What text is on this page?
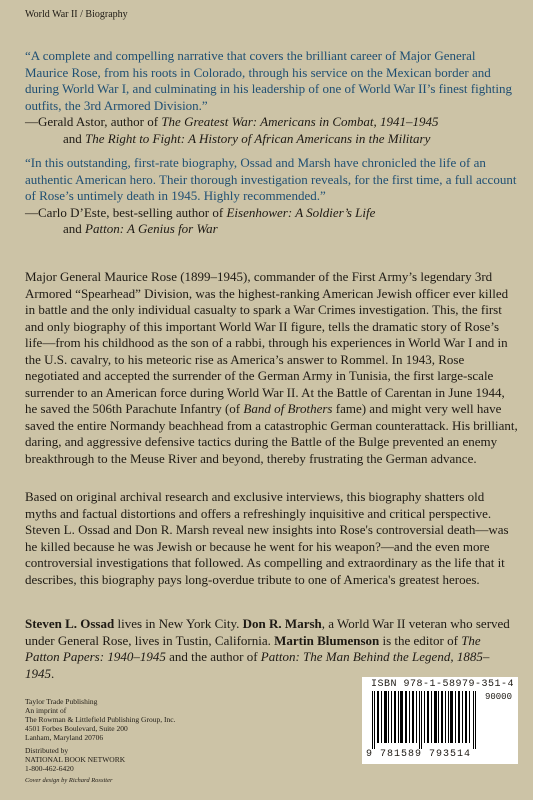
World War II / Biography
“A complete and compelling narrative that covers the brilliant career of Major General Maurice Rose, from his roots in Colorado, through his service on the Mexican border and during World War I, and culminating in his leadership of one of World War II’s finest fighting outfits, the 3rd Armored Division.”
—Gerald Astor, author of The Greatest War: Americans in Combat, 1941–1945
and The Right to Fight: A History of African Americans in the Military
“In this outstanding, first-rate biography, Ossad and Marsh have chronicled the life of an authentic American hero. Their thorough investigation reveals, for the first time, a full account of Rose’s untimely death in 1945. Highly recommended.”
—Carlo D’Este, best-selling author of Eisenhower: A Soldier’s Life
and Patton: A Genius for War
Major General Maurice Rose (1899–1945), commander of the First Army’s legendary 3rd Armored “Spearhead” Division, was the highest-ranking American Jewish officer ever killed in battle and the only individual casualty to spark a War Crimes investigation. This, the first and only biography of this important World War II figure, tells the dramatic story of Rose’s life—from his childhood as the son of a rabbi, through his experiences in World War I and in the U.S. cavalry, to his meteoric rise as America’s answer to Rommel. In 1943, Rose negotiated and accepted the surrender of the German Army in Tunisia, the first large-scale surrender to an American force during World War II. At the Battle of Carentan in June 1944, he saved the 506th Parachute Infantry (of Band of Brothers fame) and might very well have saved the entire Normandy beachhead from a catastrophic German counterattack. His brilliant, daring, and aggressive defensive tactics during the Battle of the Bulge prevented an enemy breakthrough to the Meuse River and beyond, thereby frustrating the German advance.
Based on original archival research and exclusive interviews, this biography shatters old myths and factual distortions and offers a refreshingly inquisitive and critical perspective. Steven L. Ossad and Don R. Marsh reveal new insights into Rose's controversial death—was he killed because he was Jewish or because he went for his weapon?—and the even more controversial investigations that followed. As compelling and extraordinary as the life that it describes, this biography pays long-overdue tribute to one of America's greatest heroes.
Steven L. Ossad lives in New York City. Don R. Marsh, a World War II veteran who served under General Rose, lives in Tustin, California. Martin Blumenson is the editor of The Patton Papers: 1940–1945 and the author of Patton: The Man Behind the Legend, 1885–1945.
Taylor Trade Publishing
An imprint of
The Rowman & Littlefield Publishing Group, Inc.
4501 Forbes Boulevard, Suite 200
Lanham, Maryland 20706
Distributed by
NATIONAL BOOK NETWORK
1-800-462-6420
Cover design by Richard Rossiter
ISBN 978-1-58979-351-4
90000
9 781589 793514
